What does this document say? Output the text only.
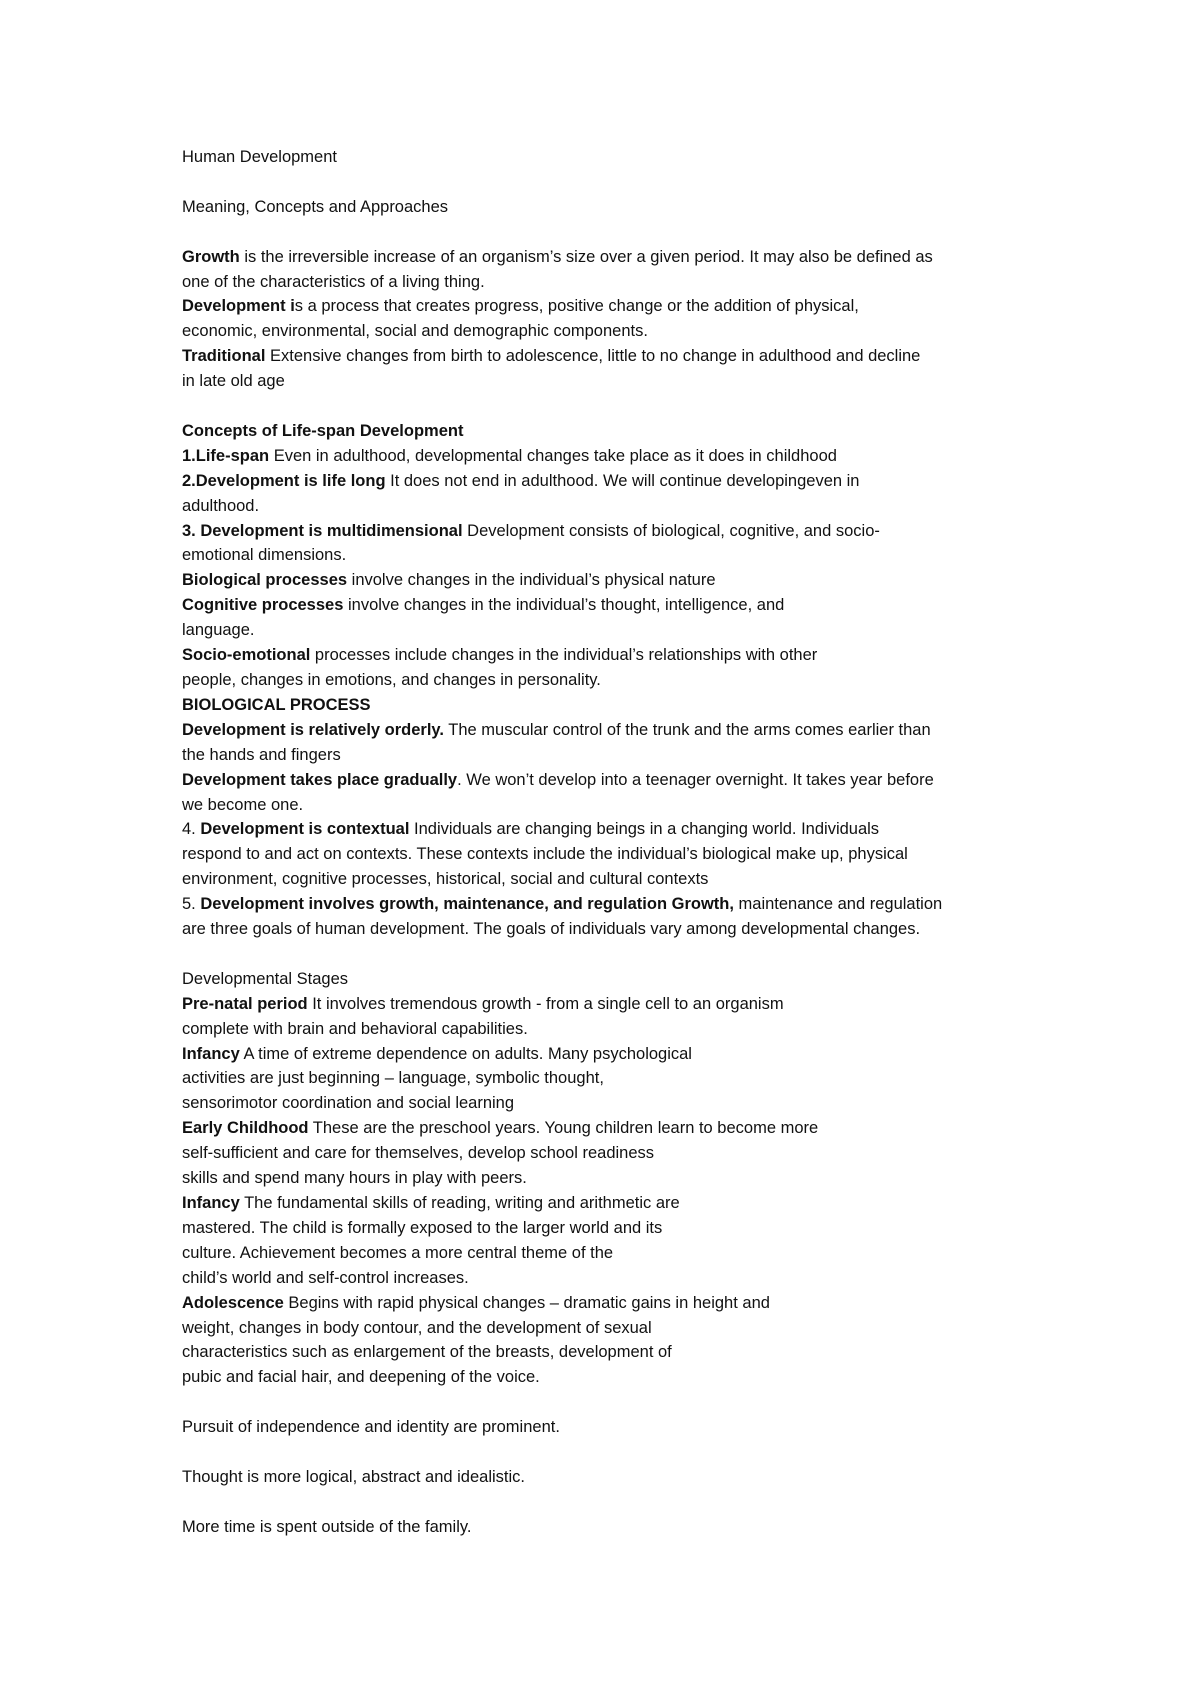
Human Development
Meaning, Concepts and Approaches
Growth is the irreversible increase of an organism’s size over a given period. It may also be defined as
one of the characteristics of a living thing.
Development is a process that creates progress, positive change or the addition of physical,
economic, environmental, social and demographic components.
Traditional Extensive changes from birth to adolescence, little to no change in adulthood and decline
in late old age
Concepts of Life-span Development
1.Life-span Even in adulthood, developmental changes take place as it does in childhood
2.Development is life long It does not end in adulthood. We will continue developingeven in
adulthood.
3. Development is multidimensional Development consists of biological, cognitive, and socio-
emotional dimensions.
Biological processes involve changes in the individual’s physical nature
Cognitive processes involve changes in the individual’s thought, intelligence, and
language.
Socio-emotional processes include changes in the individual’s relationships with other
people, changes in emotions, and changes in personality.
BIOLOGICAL PROCESS
Development is relatively orderly. The muscular control of the trunk and the arms comes earlier than
the hands and fingers
Development takes place gradually. We won’t develop into a teenager overnight. It takes year before
we become one.
4. Development is contextual Individuals are changing beings in a changing world. Individuals
respond to and act on contexts. These contexts include the individual’s biological make up, physical
environment, cognitive processes, historical, social and cultural contexts
5. Development involves growth, maintenance, and regulation Growth, maintenance and regulation
are three goals of human development. The goals of individuals vary among developmental changes.
Developmental Stages
Pre-natal period It involves tremendous growth - from a single cell to an organism
complete with brain and behavioral capabilities.
Infancy A time of extreme dependence on adults. Many psychological
activities are just beginning – language, symbolic thought,
sensorimotor coordination and social learning
Early Childhood These are the preschool years. Young children learn to become more
self-sufficient and care for themselves, develop school readiness
skills and spend many hours in play with peers.
Infancy The fundamental skills of reading, writing and arithmetic are
mastered. The child is formally exposed to the larger world and its
culture. Achievement becomes a more central theme of the
child’s world and self-control increases.
Adolescence Begins with rapid physical changes – dramatic gains in height and
weight, changes in body contour, and the development of sexual
characteristics such as enlargement of the breasts, development of
pubic and facial hair, and deepening of the voice.
Pursuit of independence and identity are prominent.
Thought is more logical, abstract and idealistic.
More time is spent outside of the family.
